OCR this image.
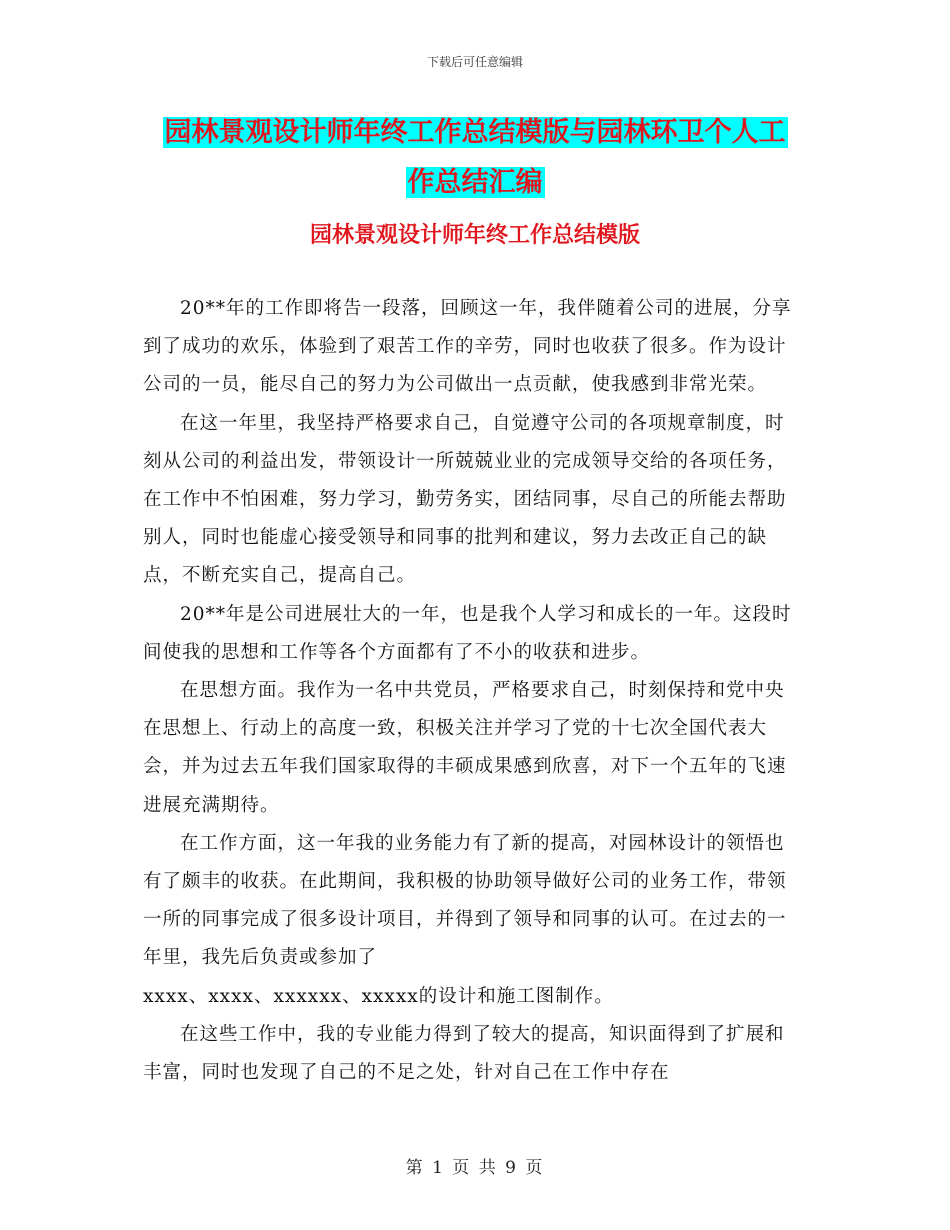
下载后可任意编辑
园林景观设计师年终工作总结模版与园林环卫个人工
作总结汇编
园林景观设计师年终工作总结模版

20**年的工作即将告一段落，回顾这一年，我伴随着公司的进展，分享到了成功的欢乐，体验到了艰苦工作的辛劳，同时也收获了很多。作为设计公司的一员，能尽自己的努力为公司做出一点贡献，使我感到非常光荣。

在这一年里，我坚持严格要求自己，自觉遵守公司的各项规章制度，时刻从公司的利益出发，带领设计一所兢兢业业的完成领导交给的各项任务，在工作中不怕困难，努力学习，勤劳务实，团结同事，尽自己的所能去帮助别人，同时也能虚心接受领导和同事的批判和建议，努力去改正自己的缺点，不断充实自己，提高自己。

20**年是公司进展壮大的一年，也是我个人学习和成长的一年。这段时间使我的思想和工作等各个方面都有了不小的收获和进步。

在思想方面。我作为一名中共党员，严格要求自己，时刻保持和党中央在思想上、行动上的高度一致，积极关注并学习了党的十七次全国代表大会，并为过去五年我们国家取得的丰硕成果感到欣喜，对下一个五年的飞速进展充满期待。

在工作方面，这一年我的业务能力有了新的提高，对园林设计的领悟也有了颇丰的收获。在此期间，我积极的协助领导做好公司的业务工作，带领一所的同事完成了很多设计项目，并得到了领导和同事的认可。在过去的一年里，我先后负责或参加了

xxxx、xxxx、xxxxxx、xxxxx的设计和施工图制作。

在这些工作中，我的专业能力得到了较大的提高，知识面得到了扩展和丰富，同时也发现了自己的不足之处，针对自己在工作中存在

第 1 页 共 9 页
